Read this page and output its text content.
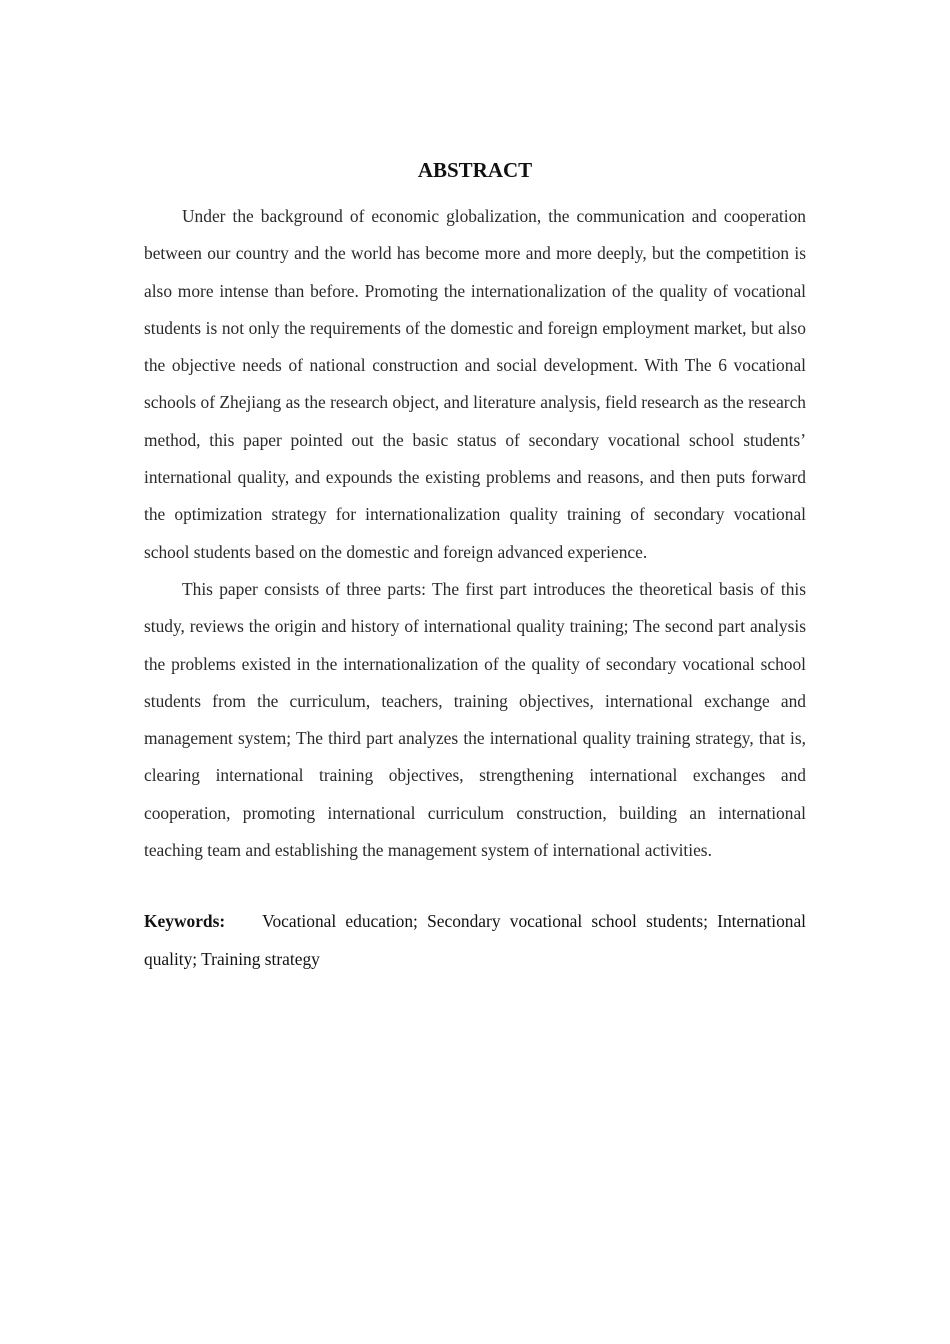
ABSTRACT

Under the background of economic globalization, the communication and cooperation between our country and the world has become more and more deeply, but the competition is also more intense than before. Promoting the internationalization of the quality of vocational students is not only the requirements of the domestic and foreign employment market, but also the objective needs of national construction and social development. With The 6 vocational schools of Zhejiang as the research object, and literature analysis, field research as the research method, this paper pointed out the basic status of secondary vocational school students’ international quality, and expounds the existing problems and reasons, and then puts forward the optimization strategy for internationalization quality training of secondary vocational school students based on the domestic and foreign advanced experience.

This paper consists of three parts: The first part introduces the theoretical basis of this study, reviews the origin and history of international quality training; The second part analysis the problems existed in the internationalization of the quality of secondary vocational school students from the curriculum, teachers, training objectives, international exchange and management system; The third part analyzes the international quality training strategy, that is, clearing international training objectives, strengthening international exchanges and cooperation, promoting international curriculum construction, building an international teaching team and establishing the management system of international activities.

Keywords: Vocational education; Secondary vocational school students; International quality; Training strategy
